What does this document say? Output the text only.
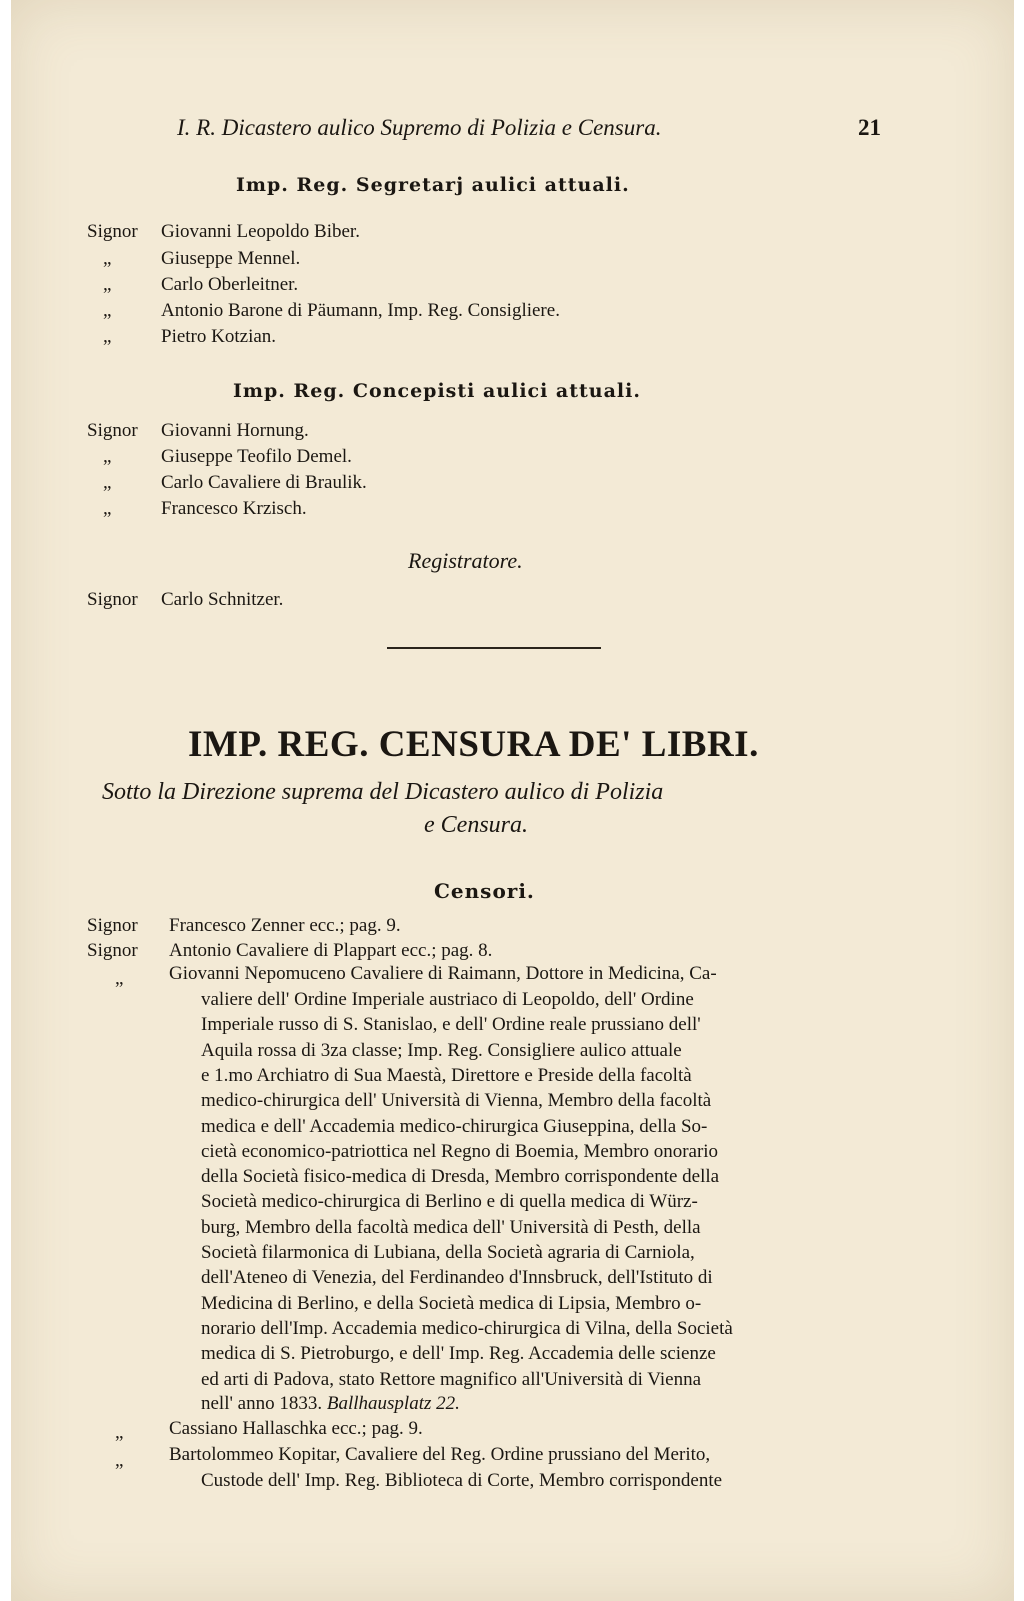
I. R. Dicastero aulico Supremo di Polizia e Censura.	21
Imp. Reg. Segretarj aulici attuali.
Signor Giovanni Leopoldo Biber.
„	Giuseppe Mennel.
„	Carlo Oberleitner.
„	Antonio Barone di Päumann, Imp. Reg. Consigliere.
„	Pietro Kotzian.
Imp. Reg. Concepisti aulici attuali.
Signor Giovanni Hornung.
„	Giuseppe Teofilo Demel.
„	Carlo Cavaliere di Braulik.
„	Francesco Krzisch.
Registratore.
Signor Carlo Schnitzer.
IMP. REG. CENSURA DE' LIBRI.
Sotto la Direzione suprema del Dicastero aulico di Polizia
e Censura.
Censori.
Signor Francesco Zenner ecc.; pag. 9.
Signor Antonio Cavaliere di Plappart ecc.; pag. 8.
„ Giovanni Nepomuceno Cavaliere di Raimann, Dottore in Medicina, Ca-
valiere dell' Ordine Imperiale austriaco di Leopoldo, dell' Ordine
Imperiale russo di S. Stanislao, e dell' Ordine reale prussiano dell'
Aquila rossa di 3za classe; Imp. Reg. Consigliere aulico attuale
e 1.mo Archiatro di Sua Maestà, Direttore e Preside della facoltà
medico-chirurgica dell' Università di Vienna, Membro della facoltà
medica e dell' Accademia medico-chirurgica Giuseppina, della So-
cietà economico-patriottica nel Regno di Boemia, Membro onorario
della Società fisico-medica di Dresda, Membro corrispondente della
Società medico-chirurgica di Berlino e di quella medica di Würz-
burg, Membro della facoltà medica dell' Università di Pesth, della
Società filarmonica di Lubiana, della Società agraria di Carniola,
dell'Ateneo di Venezia, del Ferdinandeo d'Innsbruck, dell'Istituto di
Medicina di Berlino, e della Società medica di Lipsia, Membro o-
norario dell'Imp. Accademia medico-chirurgica di Vilna, della Società
medica di S. Pietroburgo, e dell' Imp. Reg. Accademia delle scienze
ed arti di Padova, stato Rettore magnifico all'Università di Vienna
nell' anno 1833. Ballhausplatz 22.
„ Cassiano Hallaschka ecc.; pag. 9.
„ Bartolommeo Kopitar, Cavaliere del Reg. Ordine prussiano del Merito,
Custode dell' Imp. Reg. Biblioteca di Corte, Membro corrispondente
